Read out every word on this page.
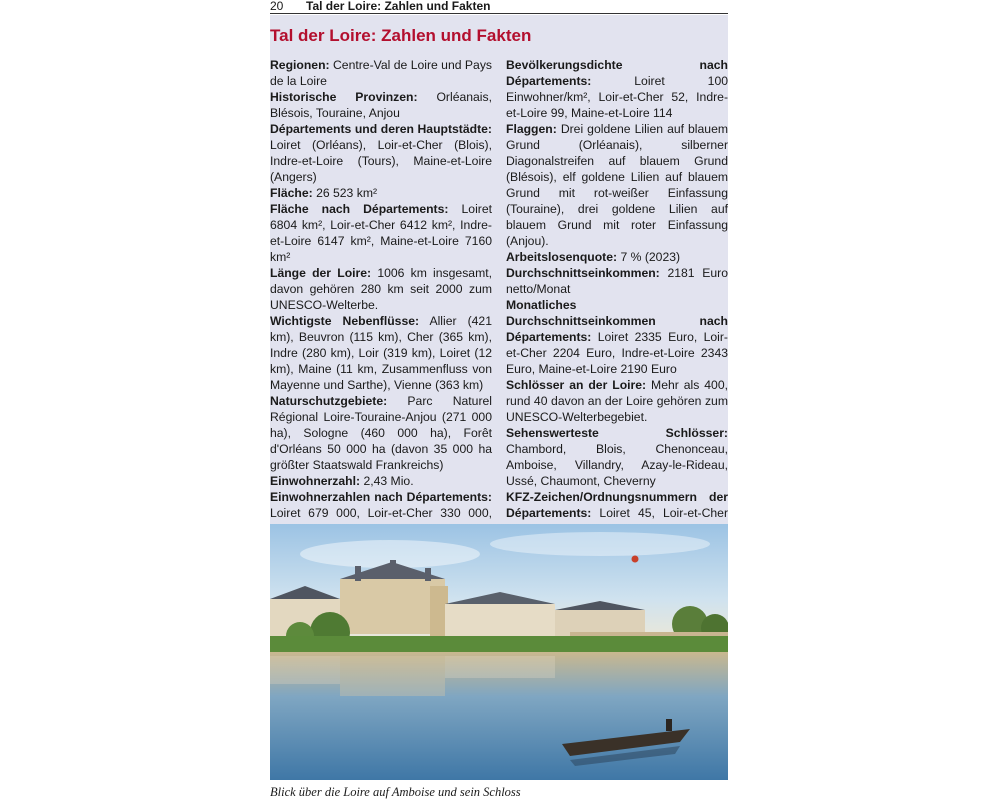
20 Tal der Loire: Zahlen und Fakten
Tal der Loire: Zahlen und Fakten

Regionen: Centre-Val de Loire und Pays de la Loire

Historische Provinzen: Orléanais, Blésois, Touraine, Anjou

Départements und deren Hauptstädte: Loiret (Orléans), Loir-et-Cher (Blois), Indre-et-Loire (Tours), Maine-et-Loire (Angers)

Fläche: 26 523 km²

Fläche nach Départements: Loiret 6804 km², Loir-et-Cher 6412 km², Indre-et-Loire 6147 km², Maine-et-Loire 7160 km²

Länge der Loire: 1006 km insgesamt, davon gehören 280 km seit 2000 zum UNESCO-Welterbe.

Wichtigste Nebenflüsse: Allier (421 km), Beuvron (115 km), Cher (365 km), Indre (280 km), Loir (319 km), Loiret (12 km), Maine (11 km, Zusammenfluss von Mayenne und Sarthe), Vienne (363 km)

Naturschutzgebiete: Parc Naturel Régional Loire-Touraine-Anjou (271 000 ha), Sologne (460 000 ha), Forêt d'Orléans 50 000 ha (davon 35 000 ha größter Staatswald Frankreichs)

Einwohnerzahl: 2,43 Mio.

Einwohnerzahlen nach Départements: Loiret 679 000, Loir-et-Cher 330 000,

Bevölkerungsdichte nach Départements:	Loiret 100 Einwohner/km², Loir-et-Cher 52, Indre-et-Loire 99, Maine-et-Loire 114

Flaggen: Drei goldene Lilien auf blauem Grund (Orléanais), silberner Diagonalstreifen auf blauem Grund (Blésois), elf goldene Lilien auf blauem Grund mit rot-weißer Einfassung (Touraine), drei goldene Lilien auf blauem Grund mit roter Einfassung (Anjou).

Arbeitslosenquote: 7 % (2023)

Durchschnittseinkommen: 2181 Euro netto/Monat

Monatliches Durchschnittseinkommen nach Départements: Loiret 2335 Euro, Loir-et-Cher 2204 Euro, Indre-et-Loire 2343 Euro, Maine-et-Loire 2190 Euro

Schlösser an der Loire: Mehr als 400, rund 40 davon an der Loire gehören zum UNESCO-Welterbegebiet.

Sehenswerteste Schlösser: Chambord, Blois, Chenonceau, Amboise, Villandry, Azay-le-Rideau, Ussé, Chaumont, Cheverny

KFZ-Zeichen/Ordnungsnummern der Départements: Loiret 45, Loir-et-Cher

Blick über die Loire auf Amboise und sein Schloss
